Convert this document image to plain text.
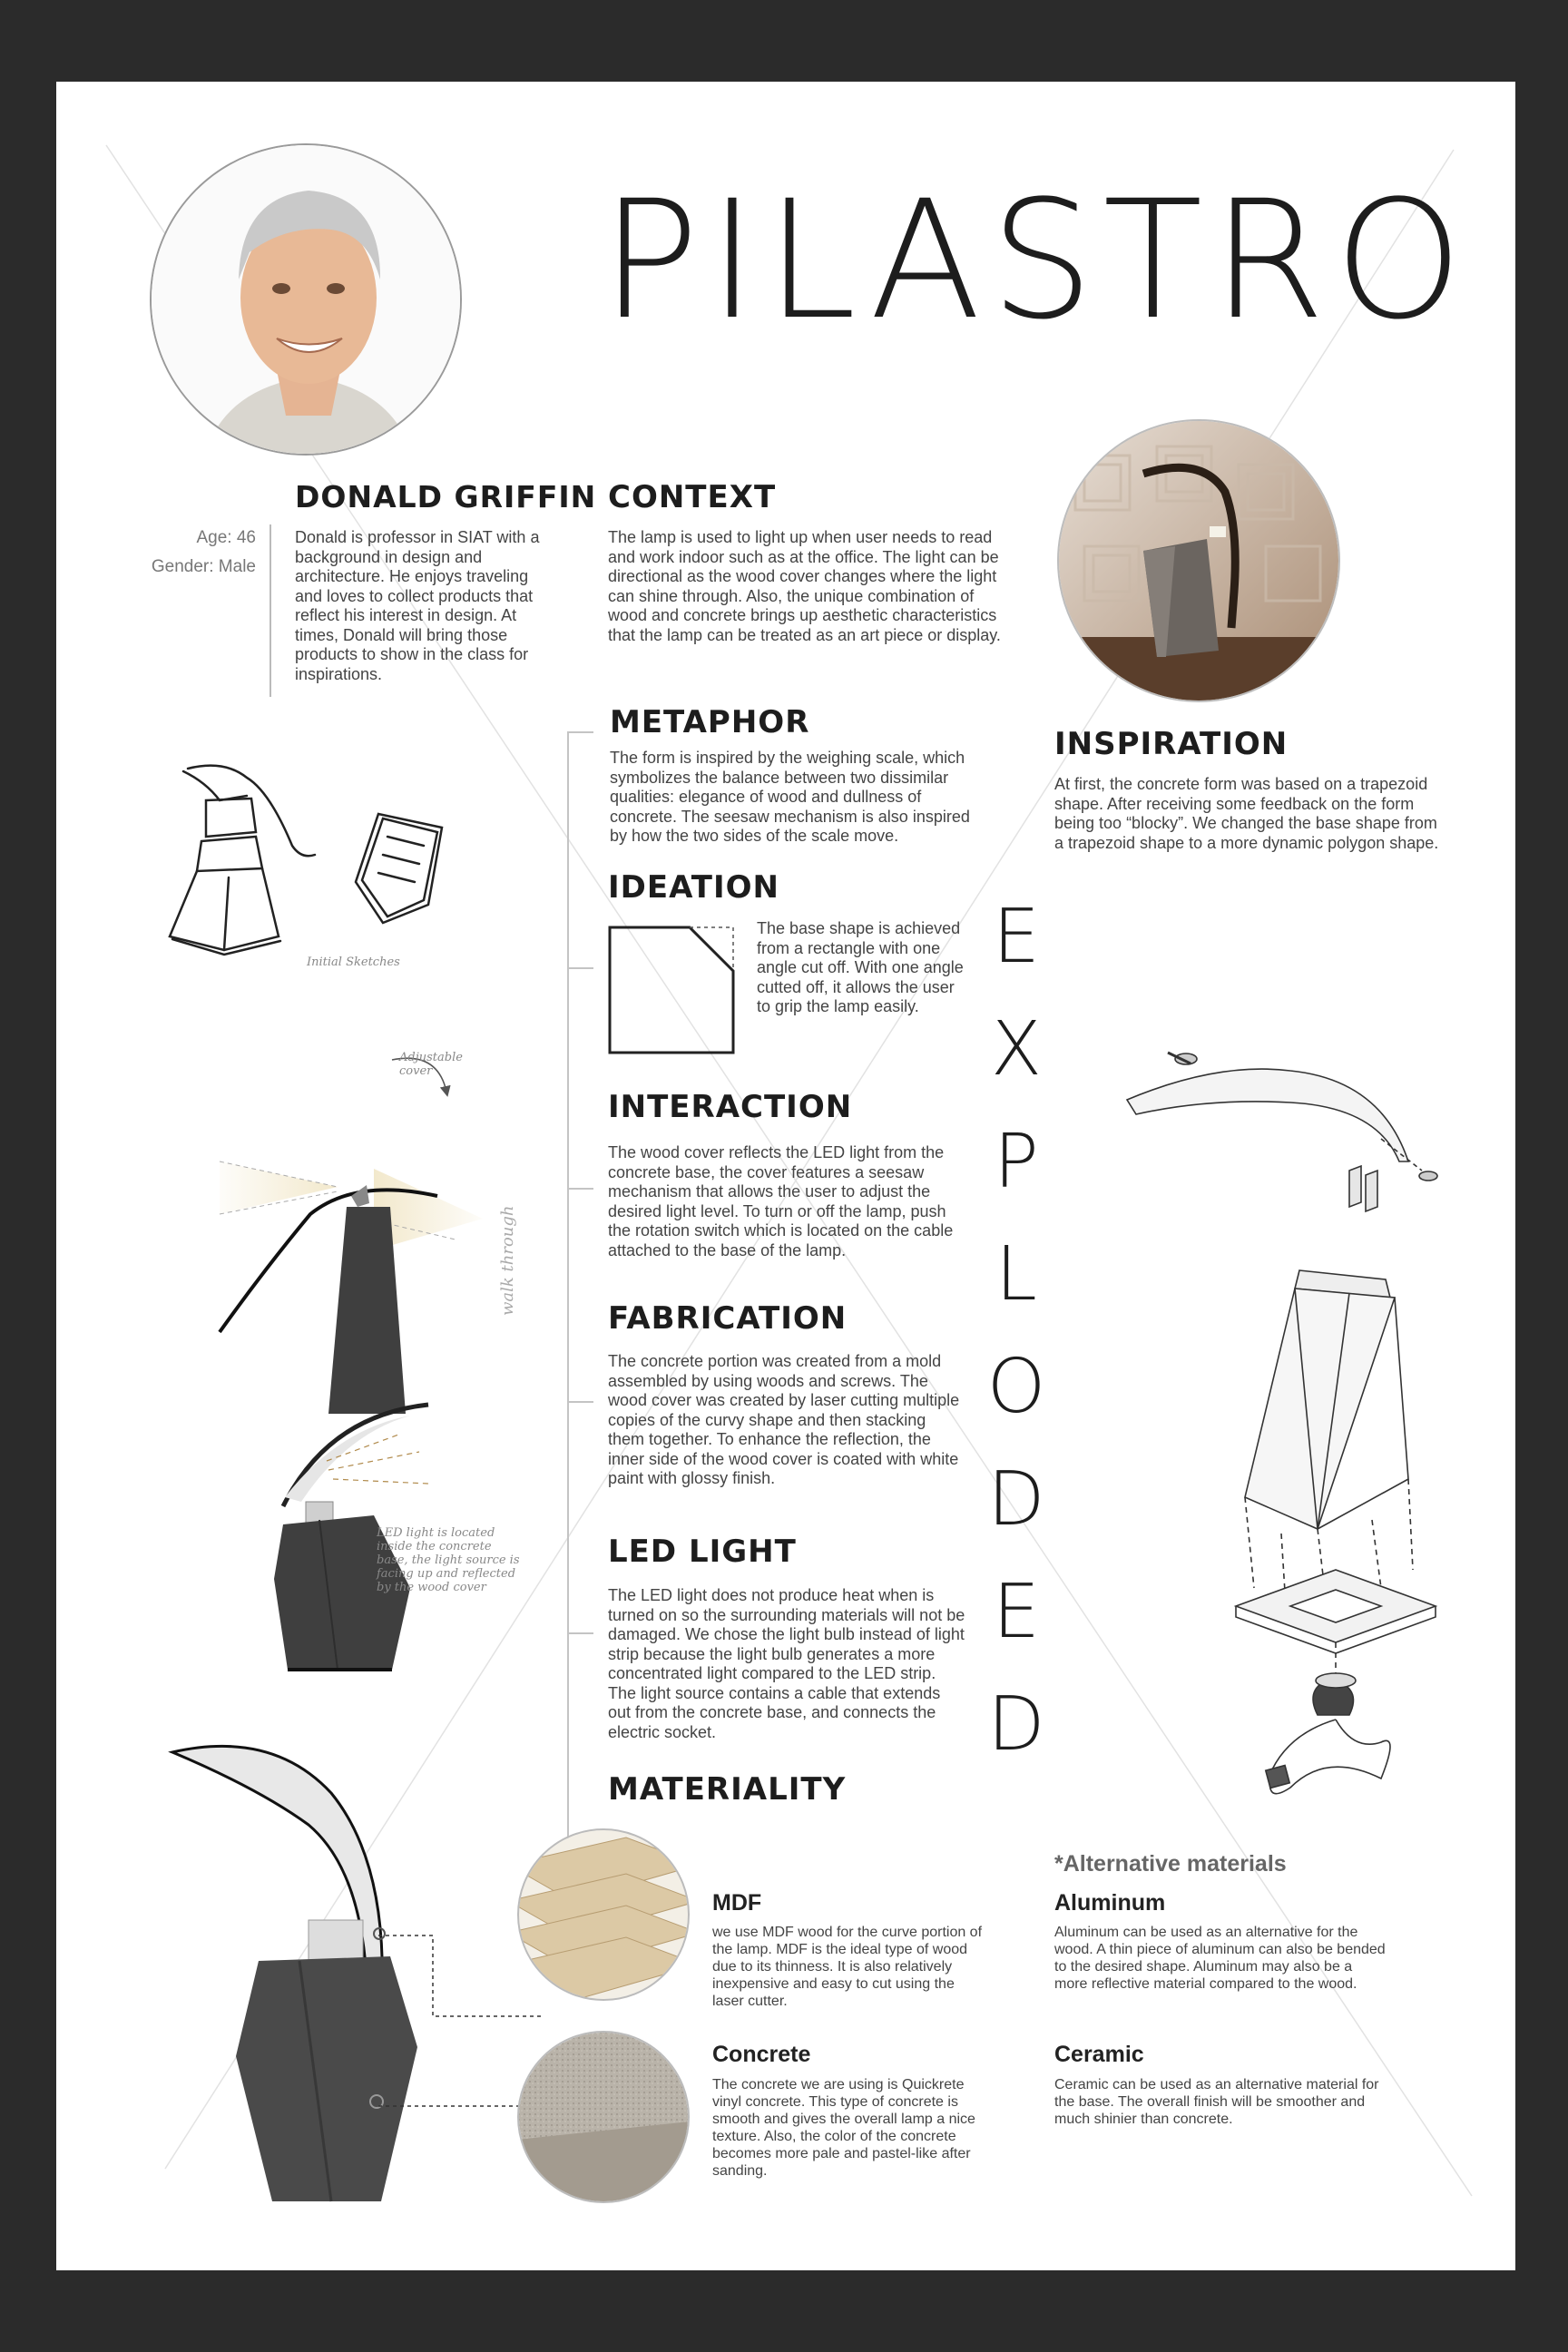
PILASTRO
DONALD GRIFFIN
Age: 46
Gender: Male
Donald is professor in SIAT with a background in design and architecture. He enjoys traveling and loves to collect products that reflect his interest in design. At times, Donald will bring those products to show in the class for inspirations.
CONTEXT
The lamp is used to light up when user needs to read and work indoor such as at the office. The light can be directional as the wood cover changes where the light can shine through. Also, the unique combination of wood and concrete brings up aesthetic characteristics that the lamp can be treated as an art piece or display.
INSPIRATION
At first, the concrete form was based on a trapezoid shape. After receiving some feedback on the form being too “blocky”. We changed the base shape from a trapezoid shape to a more dynamic polygon shape.
walk through
METAPHOR
The form is inspired by the weighing scale, which symbolizes the balance between two dissimilar qualities: elegance of wood and dullness of concrete. The seesaw mechanism is also inspired by how the two sides of the scale move.
Initial Sketches
IDEATION
The base shape is achieved from a rectangle with one angle cut off. With one angle cutted off, it allows the user to grip the lamp easily.
Adjustable cover
INTERACTION
The wood cover reflects the LED light from the concrete base, the cover features a seesaw mechanism that allows the user to adjust the desired light level. To turn or off the lamp, push the rotation switch which is located on the cable attached to the base of the lamp.
LED light is located inside the concrete base, the light source is facing up and reflected by the wood cover
FABRICATION
The concrete portion was created from a mold assembled by using woods and screws. The wood cover was created by laser cutting multiple copies of the curvy shape and then stacking them together. To enhance the reflection, the inner side of the wood cover is coated with white paint with glossy finish.
LED LIGHT
The LED light does not produce heat when is turned on so the surrounding materials will not be damaged. We chose the light bulb instead of light strip because the light bulb generates a more concentrated light compared to the LED strip. The light source contains a cable that extends out from the concrete base, and connects the electric socket.
MATERIALITY
E
X
P
L
O
D
E
D
MDF
we use MDF wood for the curve portion of the lamp. MDF is the ideal type of wood due to its thinness. It is also relatively inexpensive and easy to cut using the laser cutter.
Concrete
The concrete we are using is Quickrete vinyl concrete. This type of concrete is smooth and gives the overall lamp a nice texture. Also, the color of the concrete becomes more pale and pastel-like after sanding.
*Alternative materials
Aluminum
Aluminum can be used as an alternative for the wood. A thin piece of aluminum can also be bended to the desired shape. Aluminum may also be a more reflective material compared to the wood.
Ceramic
Ceramic can be used as an alternative material for the base. The overall finish will be smoother and much shinier than concrete.
